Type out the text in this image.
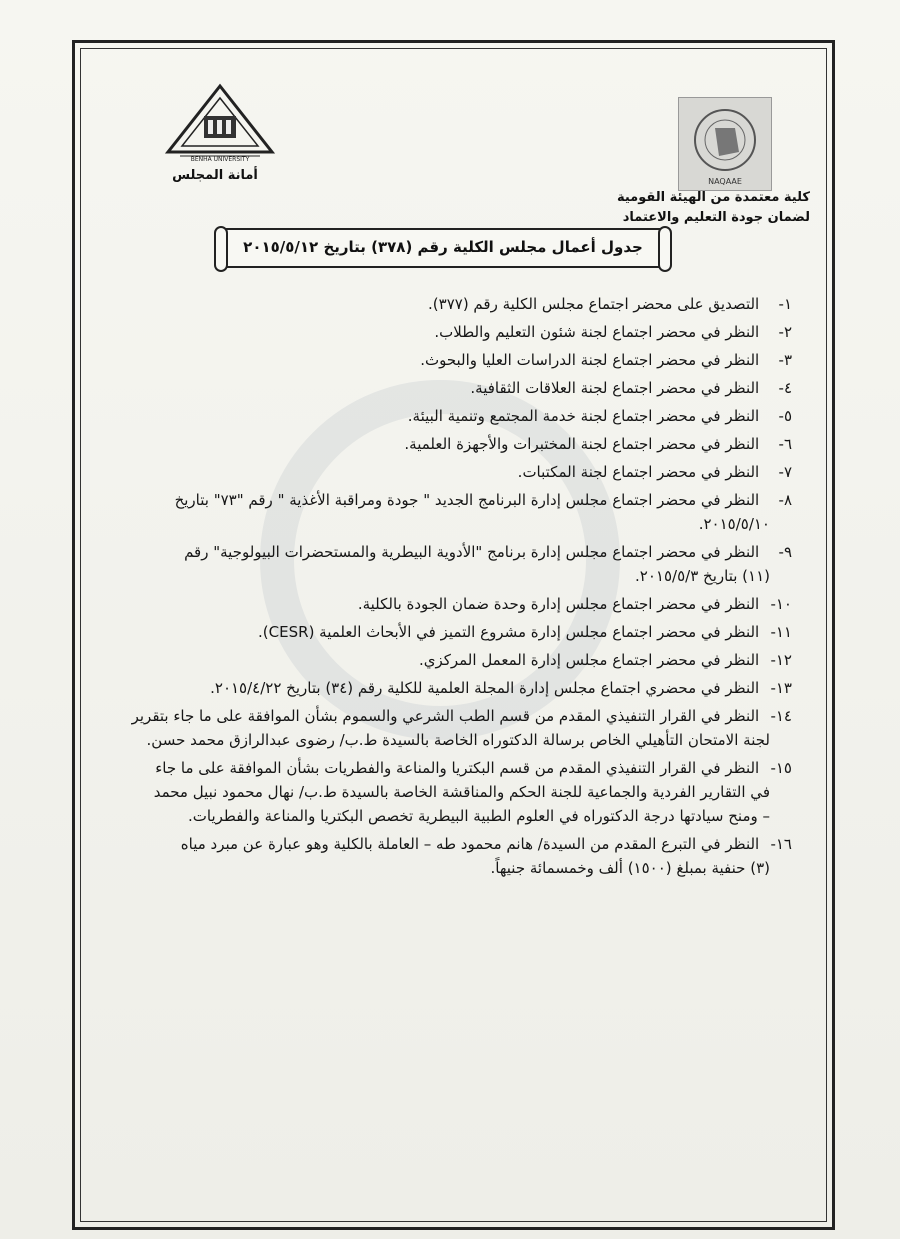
BENHA UNIVERSITY
أمانة المجلس	NAQAAE
كلية معتمدة من الهيئة القومية
لضمان جودة التعليم والاعتماد
جدول أعمال مجلس الكلية رقم (٣٧٨) بتاريخ ٢٠١٥/٥/١٢
١- التصديق على محضر اجتماع مجلس الكلية رقم (٣٧٧).
٢- النظر في محضر اجتماع لجنة شئون التعليم والطلاب.
٣- النظر في محضر اجتماع لجنة الدراسات العليا والبحوث.
٤- النظر في محضر اجتماع لجنة العلاقات الثقافية.
٥- النظر في محضر اجتماع لجنة خدمة المجتمع وتنمية البيئة.
٦- النظر في محضر اجتماع لجنة المختبرات والأجهزة العلمية.
٧- النظر في محضر اجتماع لجنة المكتبات.
٨- النظر في محضر اجتماع مجلس إدارة البرنامج الجديد " جودة ومراقبة الأغذية " رقم "٧٣" بتاريخ
٢٠١٥/٥/١٠.
٩- النظر في محضر اجتماع مجلس إدارة برنامج "الأدوية البيطرية والمستحضرات البيولوجية" رقم
(١١) بتاريخ ٢٠١٥/٥/٣.
١٠- النظر في محضر اجتماع مجلس إدارة وحدة ضمان الجودة بالكلية.
١١- النظر في محضر اجتماع مجلس إدارة مشروع التميز في الأبحاث العلمية (CESR).
١٢- النظر في محضر اجتماع مجلس إدارة المعمل المركزي.
١٣- النظر في محضري اجتماع مجلس إدارة المجلة العلمية للكلية رقم (٣٤) بتاريخ ٢٠١٥/٤/٢٢.
١٤- النظر في القرار التنفيذي المقدم من قسم الطب الشرعي والسموم بشأن الموافقة على ما جاء بتقرير
لجنة الامتحان التأهيلي الخاص برسالة الدكتوراه الخاصة بالسيدة ط.ب/ رضوى عبدالرازق محمد حسن.
١٥- النظر في القرار التنفيذي المقدم من قسم البكتريا والمناعة والفطريات بشأن الموافقة على ما جاء
في التقارير الفردية والجماعية للجنة الحكم والمناقشة الخاصة بالسيدة ط.ب/ نهال محمود نبيل محمد
– ومنح سيادتها درجة الدكتوراه في العلوم الطبية البيطرية تخصص البكتريا والمناعة والفطريات.
١٦- النظر في التبرع المقدم من السيدة/ هانم محمود طه – العاملة بالكلية وهو عبارة عن مبرد مياه
(٣) حنفية بمبلغ (١٥٠٠) ألف وخمسمائة جنيهاً.
